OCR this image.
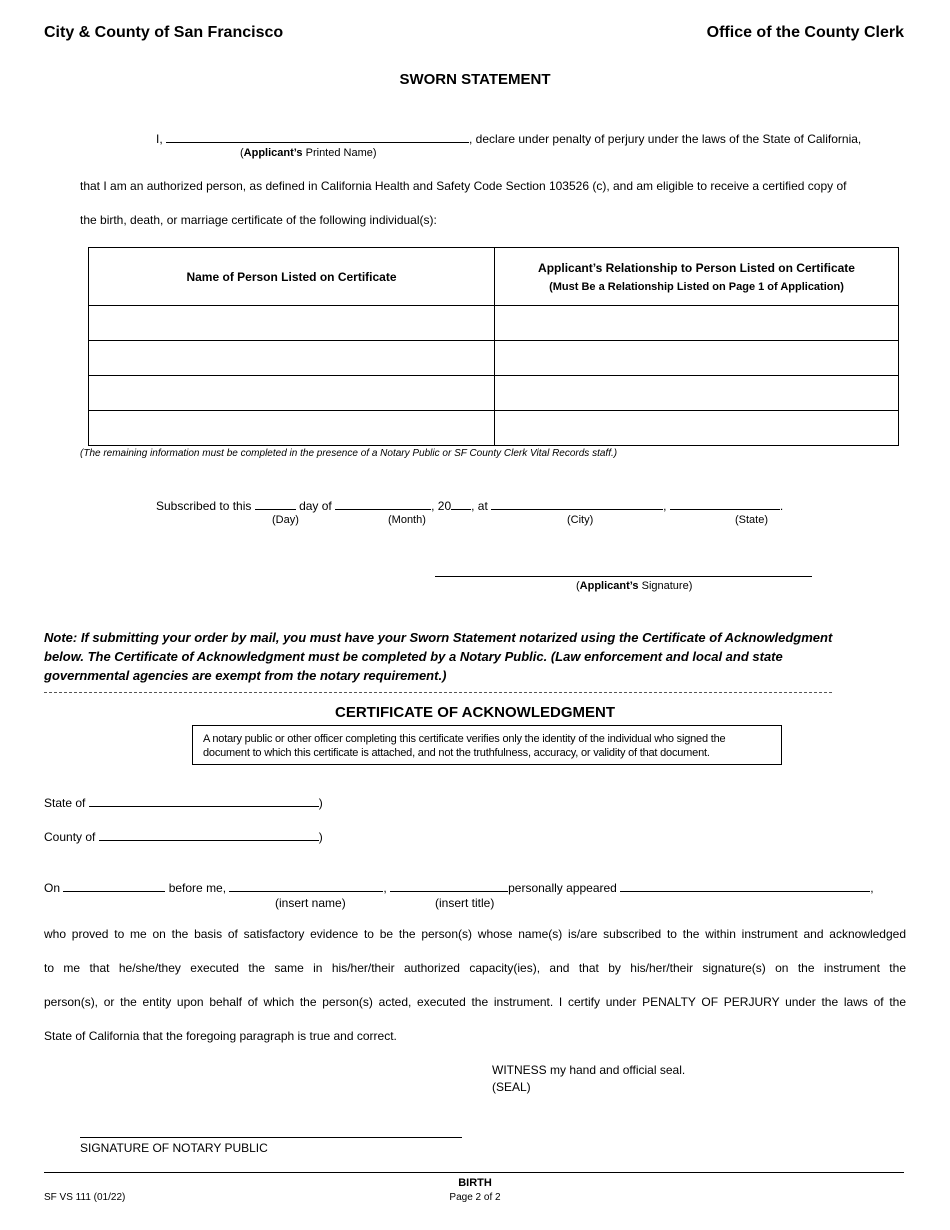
City & County of San Francisco	Office of the County Clerk
SWORN STATEMENT
I,	, declare under penalty of perjury under the laws of the State of California,
(Applicant’s Printed Name)
that I am an authorized person, as defined in California Health and Safety Code Section 103526 (c), and am eligible to receive a certified copy of
the birth, death, or marriage certificate of the following individual(s):
Name of Person Listed on Certificate	Applicant’s Relationship to Person Listed on Certificate
(Must Be a Relationship Listed on Page 1 of Application)

(The remaining information must be completed in the presence of a Notary Public or SF County Clerk Vital Records staff.)
Subscribed to this	day of	, 20 , at	,	.
(Day)	(Month)	(City)	(State)
(Applicant’s Signature)
Note: If submitting your order by mail, you must have your Sworn Statement notarized using the Certificate of Acknowledgment
below. The Certificate of Acknowledgment must be completed by a Notary Public. (Law enforcement and local and state
governmental agencies are exempt from the notary requirement.)
CERTIFICATE OF ACKNOWLEDGMENT
A notary public or other officer completing this certificate verifies only the identity of the individual who signed the document to which this certificate is attached, and not the truthfulness, accuracy, or validity of that document.
State of	)
County of	)
On	before me,	,	personally appeared	,
(insert name)	(insert title)
who proved to me on the basis of satisfactory evidence to be the person(s) whose name(s) is/are subscribed to the within instrument and acknowledged
to me that he/she/they executed the same in his/her/their authorized capacity(ies), and that by his/her/their signature(s) on the instrument the
person(s), or the entity upon behalf of which the person(s) acted, executed the instrument. I certify under PENALTY OF PERJURY under the laws of the
State of California that the foregoing paragraph is true and correct.
WITNESS my hand and official seal.
(SEAL)
SIGNATURE OF NOTARY PUBLIC
SF VS 111 (01/22)
BIRTH
Page 2 of 2
